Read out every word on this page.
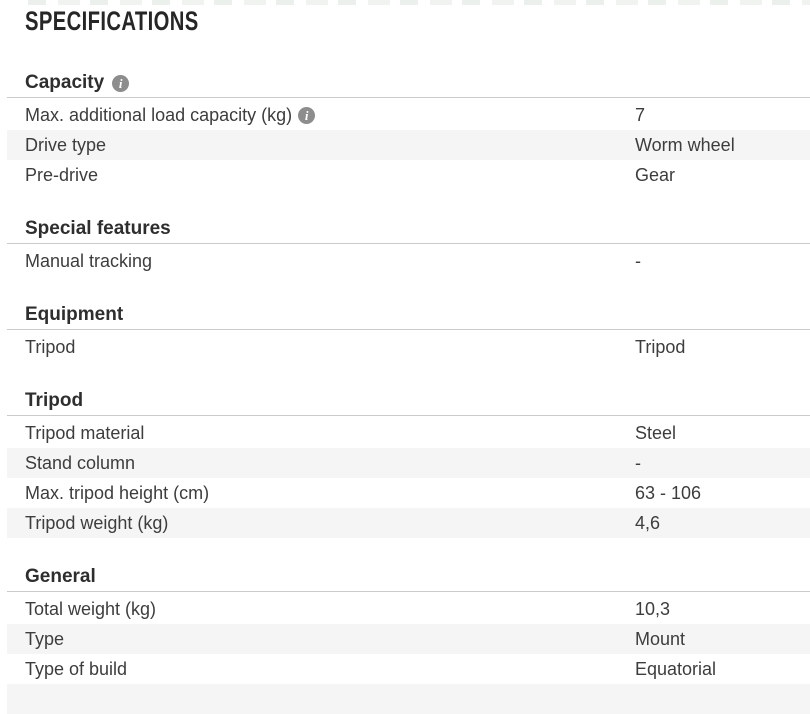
SPECIFICATIONS
Capacity	i
Max. additional load capacity (kg) i	7
Drive type	Worm wheel
Pre-drive	Gear
Special features
Manual tracking	-
Equipment
Tripod	Tripod
Tripod
Tripod material	Steel
Stand column	-
Max. tripod height (cm)	63 - 106
Tripod weight (kg)	4,6
General
Total weight (kg)	10,3
Type	Mount
Type of build	Equatorial
